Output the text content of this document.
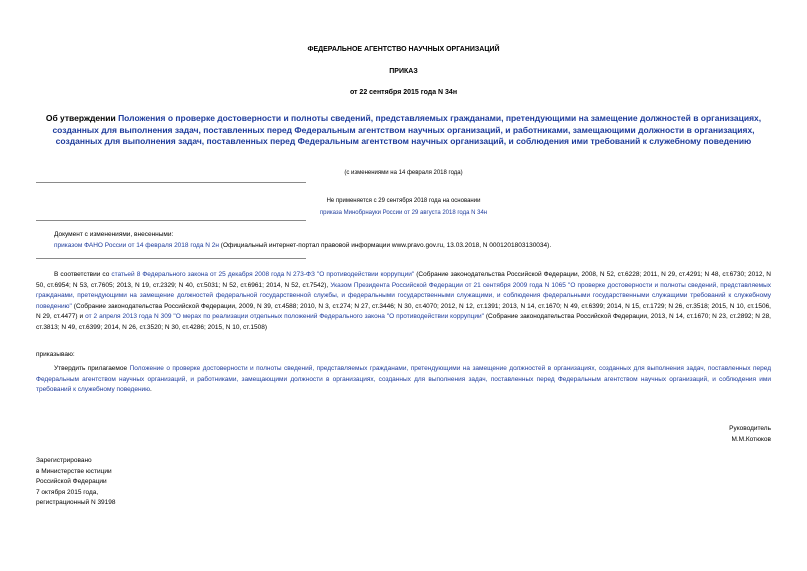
ФЕДЕРАЛЬНОЕ АГЕНТСТВО НАУЧНЫХ ОРГАНИЗАЦИЙ
ПРИКАЗ
от 22 сентября 2015 года N 34н
Об утверждении Положения о проверке достоверности и полноты сведений, представляемых гражданами, претендующими на замещение должностей в организациях, созданных для выполнения задач, поставленных перед Федеральным агентством научных организаций, и работниками, замещающими должности в организациях, созданных для выполнения задач, поставленных перед Федеральным агентством научных организаций, и соблюдения ими требований к служебному поведению
(с изменениями на 14 февраля 2018 года)
Не применяется с 29 сентября 2018 года на основании
приказа Минобрнауки России от 29 августа 2018 года N 34н
Документ с изменениями, внесенными:
приказом ФАНО России от 14 февраля 2018 года N 2н (Официальный интернет-портал правовой информации www.pravo.gov.ru, 13.03.2018, N 0001201803130034).
В соответствии со статьей 8 Федерального закона от 25 декабря 2008 года N 273-ФЗ "О противодействии коррупции" (Собрание законодательства Российской Федерации, 2008, N 52, ст.6228; 2011, N 29, ст.4291; N 48, ст.6730; 2012, N 50, ст.6954; N 53, ст.7605; 2013, N 19, ст.2329; N 40, ст.5031; N 52, ст.6961; 2014, N 52, ст.7542), Указом Президента Российской Федерации от 21 сентября 2009 года N 1065 "О проверке достоверности и полноты сведений, представляемых гражданами, претендующими на замещение должностей федеральной государственной службы, и федеральными государственными служащими, и соблюдения федеральными государственными служащими требований к служебному поведению" (Собрание законодательства Российской Федерации, 2009, N 39, ст.4588; 2010, N 3, ст.274; N 27, ст.3446; N 30, ст.4070; 2012, N 12, ст.1391; 2013, N 14, ст.1670; N 49, ст.6399; 2014, N 15, ст.1729; N 26, ст.3518; 2015, N 10, ст.1506, N 29, ст.4477) и от 2 апреля 2013 года N 309 "О мерах по реализации отдельных положений Федерального закона "О противодействии коррупции" (Собрание законодательства Российской Федерации, 2013, N 14, ст.1670; N 23, ст.2892; N 28, ст.3813; N 49, ст.6399; 2014, N 26, ст.3520; N 30, ст.4286; 2015, N 10, ст.1508)
приказываю:
Утвердить прилагаемое Положение о проверке достоверности и полноты сведений, представляемых гражданами, претендующими на замещение должностей в организациях, созданных для выполнения задач, поставленных перед Федеральным агентством научных организаций, и работниками, замещающими должности в организациях, созданных для выполнения задач, поставленных перед Федеральным агентством научных организаций, и соблюдения ими требований к служебному поведению.
Руководитель
М.М.Котюков
Зарегистрировано
в Министерстве юстиции
Российской Федерации
7 октября 2015 года,
регистрационный N 39198
